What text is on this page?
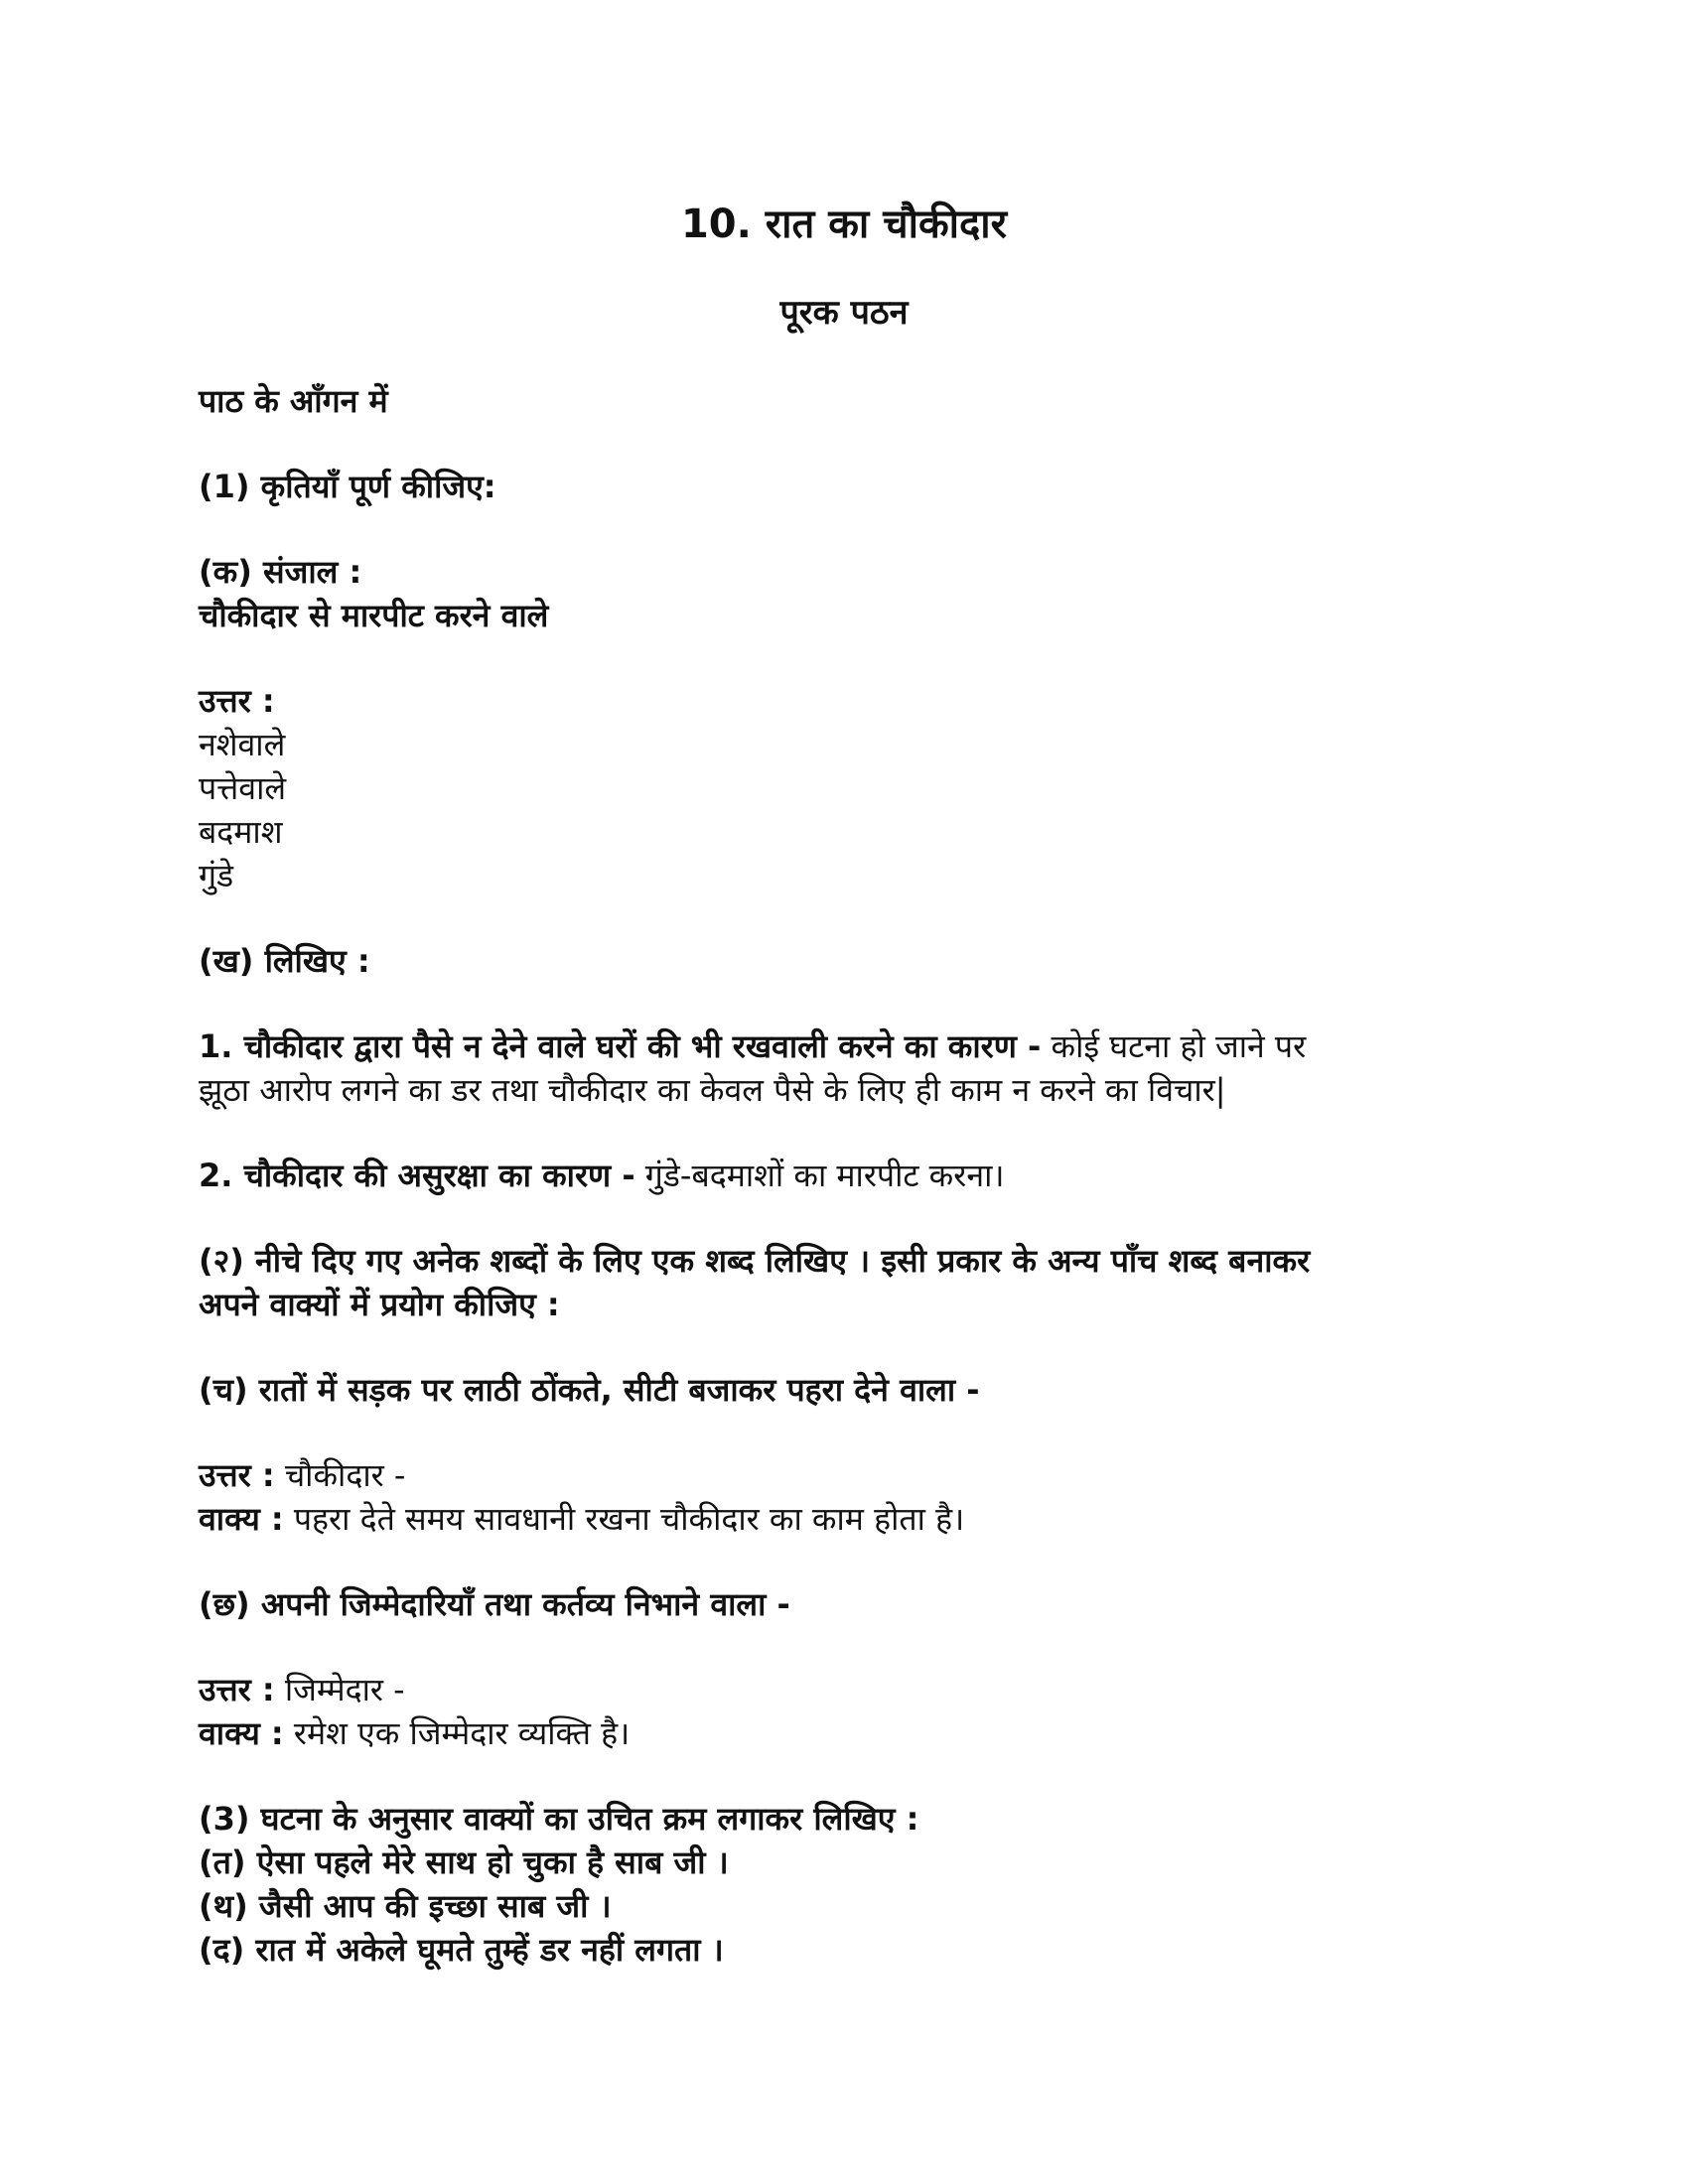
10. रात का चौकीदार
पूरक पठन
पाठ के आँगन में
(1) कृतियाँ पूर्ण कीजिए:
(क) संजाल :
चौकीदार से मारपीट करने वाले
उत्तर :
नशेवाले
पत्तेवाले
बदमाश
गुंडे
(ख) लिखिए :
1. चौकीदार द्वारा पैसे न देने वाले घरों की भी रखवाली करने का कारण - कोई घटना हो जाने पर
झूठा आरोप लगने का डर तथा चौकीदार का केवल पैसे के लिए ही काम न करने का विचार|
2. चौकीदार की असुरक्षा का कारण - गुंडे-बदमाशों का मारपीट करना।
(२) नीचे दिए गए अनेक शब्दों के लिए एक शब्द लिखिए । इसी प्रकार के अन्य पाँच शब्द बनाकर
अपने वाक्यों में प्रयोग कीजिए :
(च) रातों में सड़क पर लाठी ठोंकते, सीटी बजाकर पहरा देने वाला -
उत्तर : चौकीदार -
वाक्य : पहरा देते समय सावधानी रखना चौकीदार का काम होता है।
(छ) अपनी जिम्मेदारियाँ तथा कर्तव्य निभाने वाला -
उत्तर : जिम्मेदार -
वाक्य : रमेश एक जिम्मेदार व्यक्ति है।
(3) घटना के अनुसार वाक्यों का उचित क्रम लगाकर लिखिए :
(त) ऐसा पहले मेरे साथ हो चुका है साब जी ।
(थ) जैसी आप की इच्छा साब जी ।
(द) रात में अकेले घूमते तुम्हें डर नहीं लगता ।
